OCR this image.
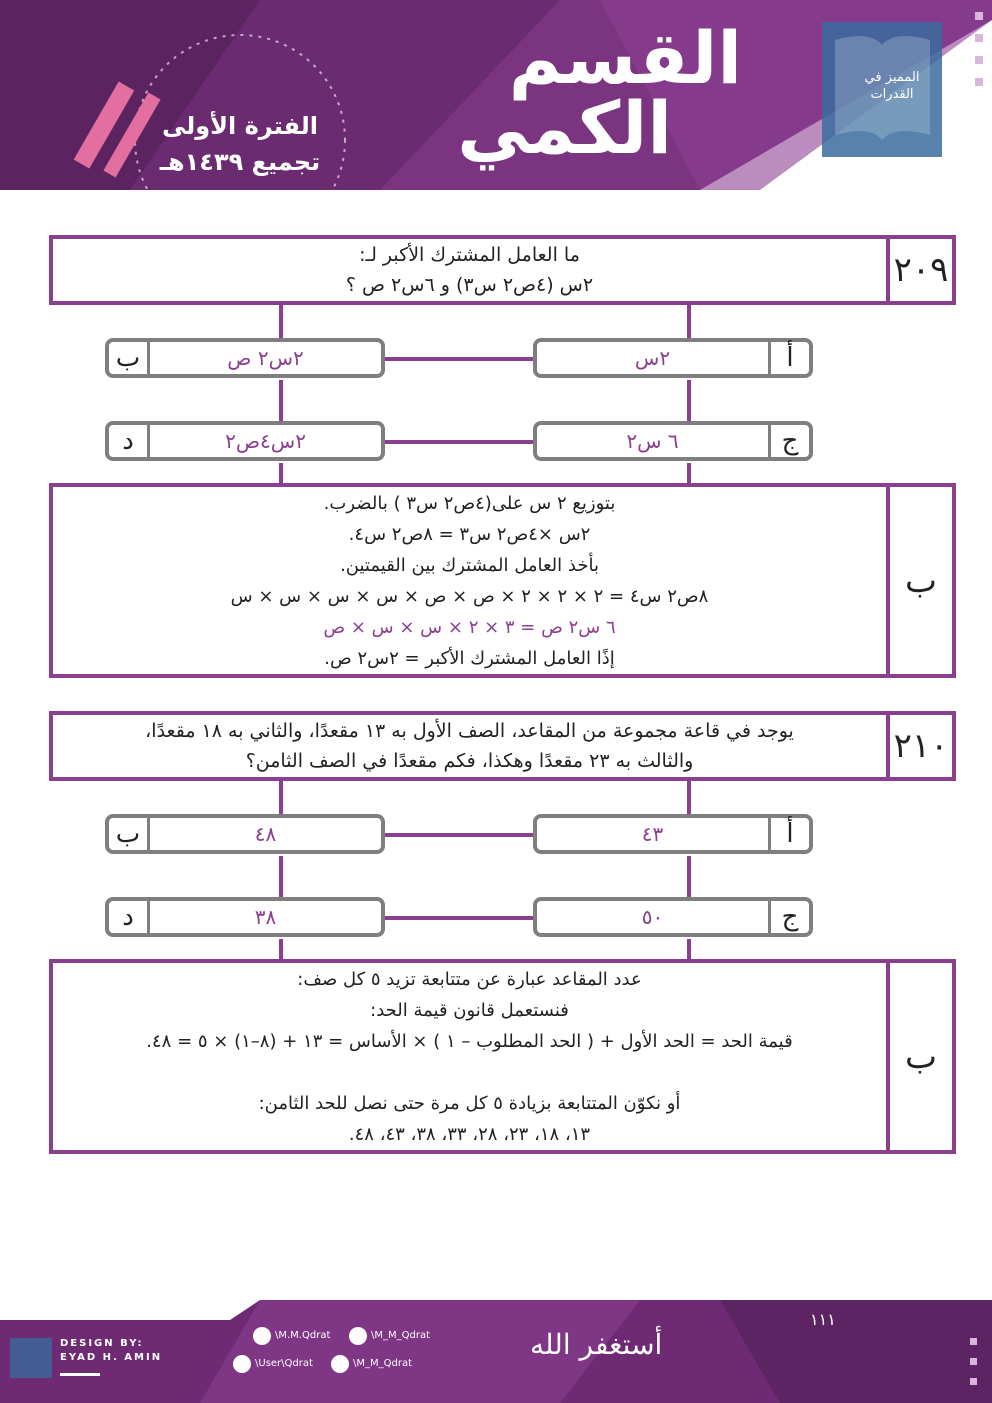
القسم
الكمي
الفترة الأولى
تجميع ١٤٣٩هـ
المميز في القدرات
٢٠٩
ما العامل المشترك الأكبر لـ:
٢س (٤ص٢ س٣) و ٦س٢ ص ؟
أ
٢س
ب	٢س٢ ص
ج
٦ س٢
د	٢س٤ص٢
ب
بتوزيع ٢ س على(٤ص٢ س٣ ) بالضرب.
٢س ×٤ص٢ س٣ = ٨ص٢ س٤.
بأخذ العامل المشترك بين القيمتين.
٨ص٢ س٤ = ٢ × ٢ × ٢ × ص × ص × س × س × س × س
٦ س٢ ص = ٣ × ٢ × س × س × ص
إذًا العامل المشترك الأكبر = ٢س٢ ص.
٢١٠
يوجد في قاعة مجموعة من المقاعد، الصف الأول به ١٣ مقعدًا، والثاني به ١٨ مقعدًا،
والثالث به ٢٣ مقعدًا وهكذا، فكم مقعدًا في الصف الثامن؟
أ
٤٣
ب	٤٨
ج
٥٠
د	٣٨
ب
عدد المقاعد عبارة عن متتابعة تزيد ٥ كل صف:
فنستعمل قانون قيمة الحد:
قيمة الحد = الحد الأول + ( الحد المطلوب – ١ ) × الأساس = ١٣ + (٨–١) × ٥ = ٤٨.
أو نكوّن المتتابعة بزيادة ٥ كل مرة حتى نصل للحد الثامن:
١٣، ١٨، ٢٣، ٢٨، ٣٣، ٣٨، ٤٣، ٤٨.
DESIGN BY:
EYAD H. AMIN
\M.M.Qdrat	\M_M_Qdrat
\User\Qdrat	\M_M_Qdrat
أستغفر الله
١١١
